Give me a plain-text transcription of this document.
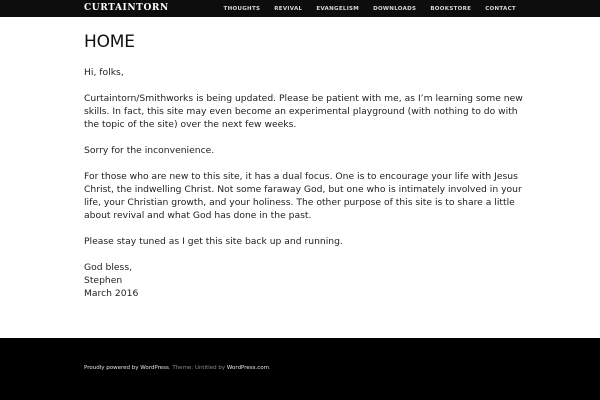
CURTAINTORN	THOUGHTS	REVIVAL	EVANGELISM	DOWNLOADS	BOOKSTORE	CONTACT
HOME

Hi, folks,

Curtaintorn/Smithworks is being updated. Please be patient with me, as I’m learning some new skills. In fact, this site may even become an experimental playground (with nothing to do with the topic of the site) over the next few weeks.

Sorry for the inconvenience.

For those who are new to this site, it has a dual focus. One is to encourage your life with Jesus Christ, the indwelling Christ. Not some faraway God, but one who is intimately involved in your life, your Christian growth, and your holiness. The other purpose of this site is to share a little about revival and what God has done in the past.

Please stay tuned as I get this site back up and running.

God bless,
Stephen
March 2016
Proudly powered by WordPress. Theme: Untitled by WordPress.com.
